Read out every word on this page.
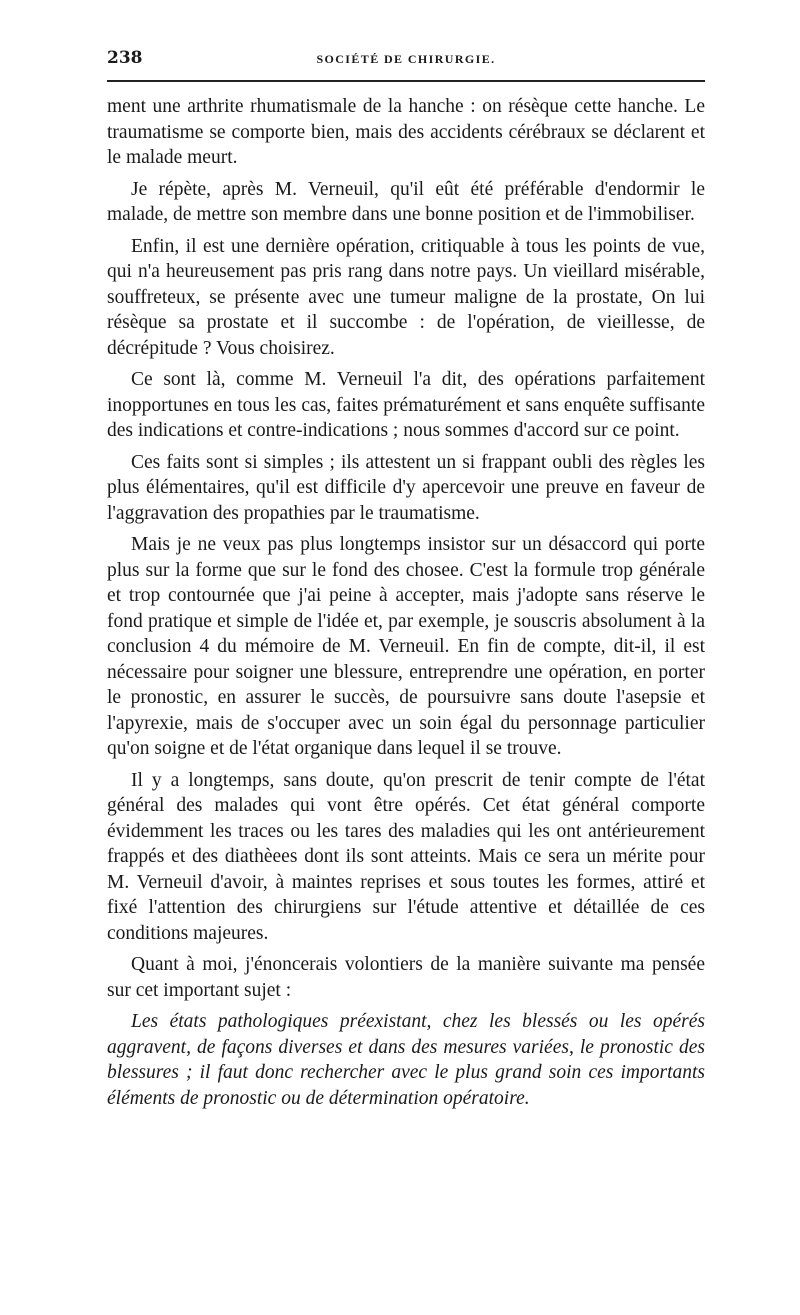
238	SOCIÉTÉ DE CHIRURGIE.

ment une arthrite rhumatismale de la hanche : on résèque cette hanche. Le traumatisme se comporte bien, mais des accidents cérébraux se déclarent et le malade meurt.

Je répète, après M. Verneuil, qu'il eût été préférable d'endormir le malade, de mettre son membre dans une bonne position et de l'immobiliser.

Enfin, il est une dernière opération, critiquable à tous les points de vue, qui n'a heureusement pas pris rang dans notre pays. Un vieillard misérable, souffreteux, se présente avec une tumeur maligne de la prostate, On lui résèque sa prostate et il succombe : de l'opération, de vieillesse, de décrépitude ? Vous choisirez.

Ce sont là, comme M. Verneuil l'a dit, des opérations parfaitement inopportunes en tous les cas, faites prématurément et sans enquête suffisante des indications et contre-indications ; nous sommes d'accord sur ce point.

Ces faits sont si simples ; ils attestent un si frappant oubli des règles les plus élémentaires, qu'il est difficile d'y apercevoir une preuve en faveur de l'aggravation des propathies par le traumatisme.

Mais je ne veux pas plus longtemps insistor sur un désaccord qui porte plus sur la forme que sur le fond des chosee. C'est la formule trop générale et trop contournée que j'ai peine à accepter, mais j'adopte sans réserve le fond pratique et simple de l'idée et, par exemple, je souscris absolument à la conclusion 4 du mémoire de M. Verneuil. En fin de compte, dit-il, il est nécessaire pour soigner une blessure, entreprendre une opération, en porter le pronostic, en assurer le succès, de poursuivre sans doute l'asepsie et l'apyrexie, mais de s'occuper avec un soin égal du personnage particulier qu'on soigne et de l'état organique dans lequel il se trouve.

Il y a longtemps, sans doute, qu'on prescrit de tenir compte de l'état général des malades qui vont être opérés. Cet état général comporte évidemment les traces ou les tares des maladies qui les ont antérieurement frappés et des diathèees dont ils sont atteints. Mais ce sera un mérite pour M. Verneuil d'avoir, à maintes reprises et sous toutes les formes, attiré et fixé l'attention des chirurgiens sur l'étude attentive et détaillée de ces conditions majeures.

Quant à moi, j'énoncerais volontiers de la manière suivante ma pensée sur cet important sujet :

Les états pathologiques préexistant, chez les blessés ou les opérés aggravent, de façons diverses et dans des mesures variées, le pronostic des blessures ; il faut donc rechercher avec le plus grand soin ces importants éléments de pronostic ou de détermination opératoire.
